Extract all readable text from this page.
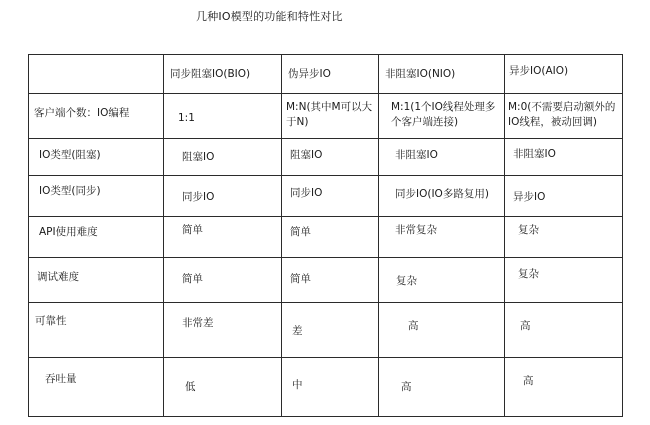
几种IO模型的功能和特性对比

	同步阻塞IO(BIO)	伪异步IO	非阻塞IO(NIO)	异步IO(AIO)

客户端个数：IO编程	1:1	M:N(其中M可以大于N)	M:1(1个IO线程处理多个客户端连接)	M:0(不需要启动额外的IO线程，被动回调)

IO类型(阻塞)	阻塞IO	阻塞IO	非阻塞IO	非阻塞IO

IO类型(同步)	同步IO	同步IO	同步IO(IO多路复用)	异步IO

API使用难度	简单	简单	非常复杂	复杂

调试难度	简单	简单	复杂	复杂

可靠性	非常差	差	高	高

吞吐量	低	中	高	高
